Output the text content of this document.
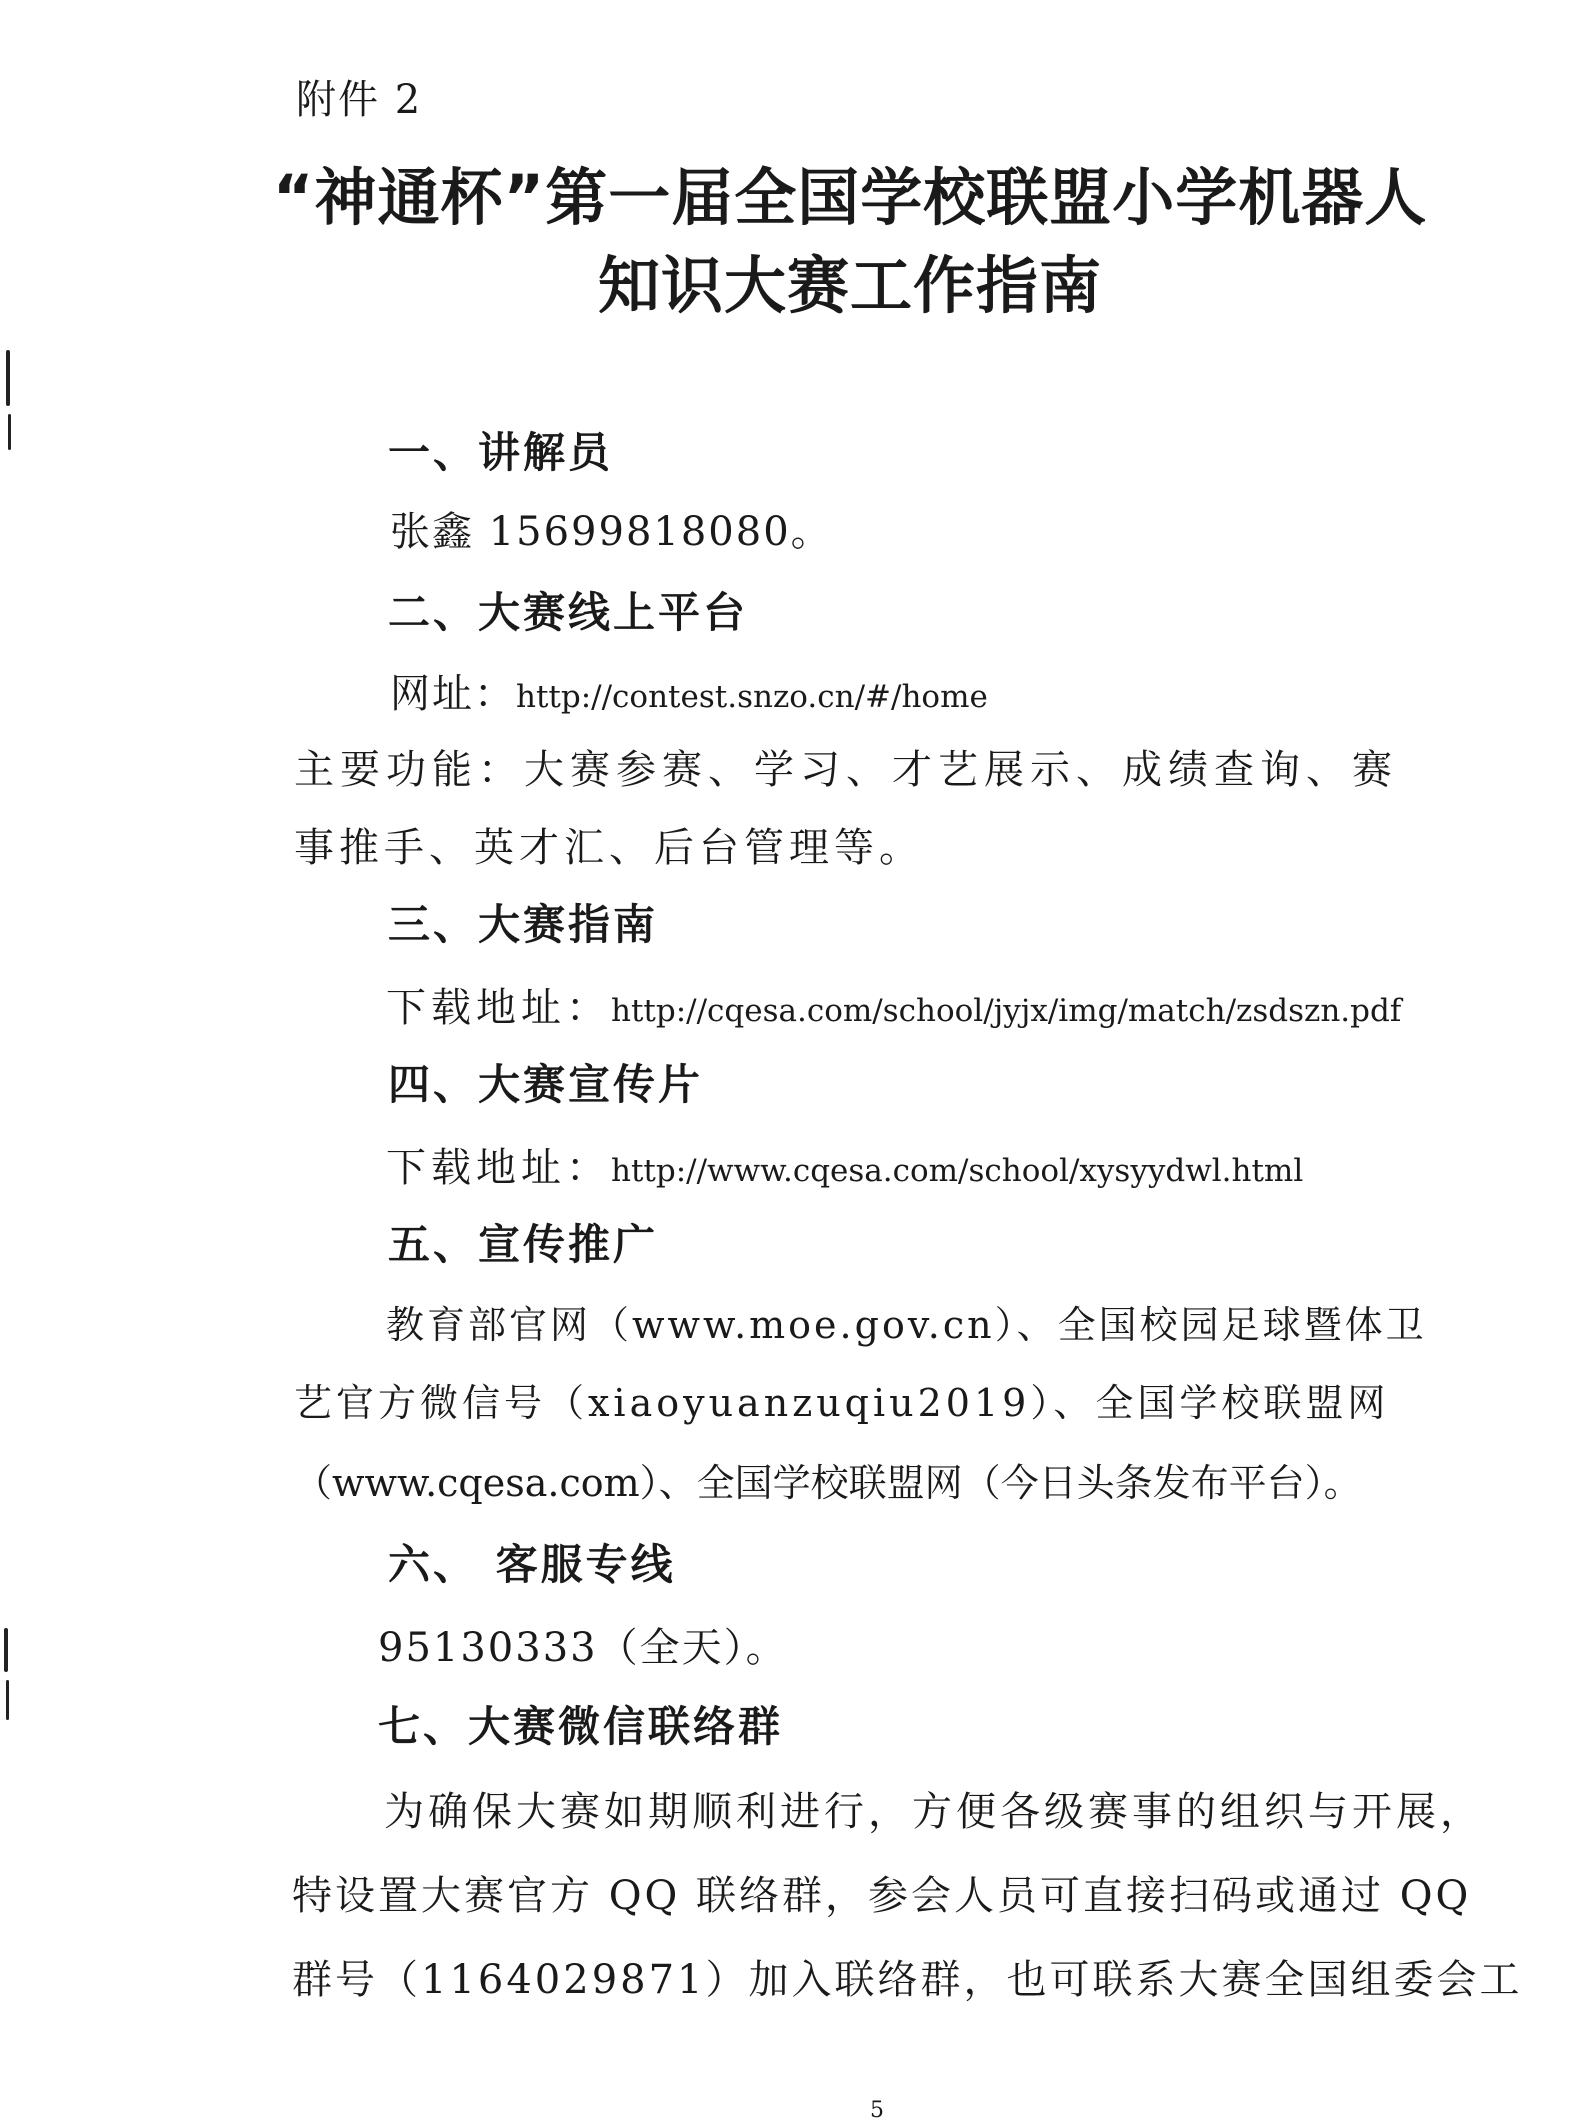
附件 2
“神通杯”第一届全国学校联盟小学机器人
知识大赛工作指南
一、讲解员
张鑫 15699818080。
二、大赛线上平台
网址：http://contest.snzo.cn/#/home
主要功能：大赛参赛、学习、才艺展示、成绩查询、赛
事推手、英才汇、后台管理等。
三、大赛指南
下载地址：http://cqesa.com/school/jyjx/img/match/zsdszn.pdf
四、大赛宣传片
下载地址：http://www.cqesa.com/school/xysyydwl.html
五、宣传推广
教育部官网（www.moe.gov.cn）、全国校园足球暨体卫
艺官方微信号（xiaoyuanzuqiu2019）、全国学校联盟网
（www.cqesa.com）、全国学校联盟网（今日头条发布平台）。
六、 客服专线
95130333（全天）。
七、大赛微信联络群
为确保大赛如期顺利进行，方便各级赛事的组织与开展，
特设置大赛官方 QQ 联络群，参会人员可直接扫码或通过 QQ
群号（1164029871）加入联络群，也可联系大赛全国组委会工
5
